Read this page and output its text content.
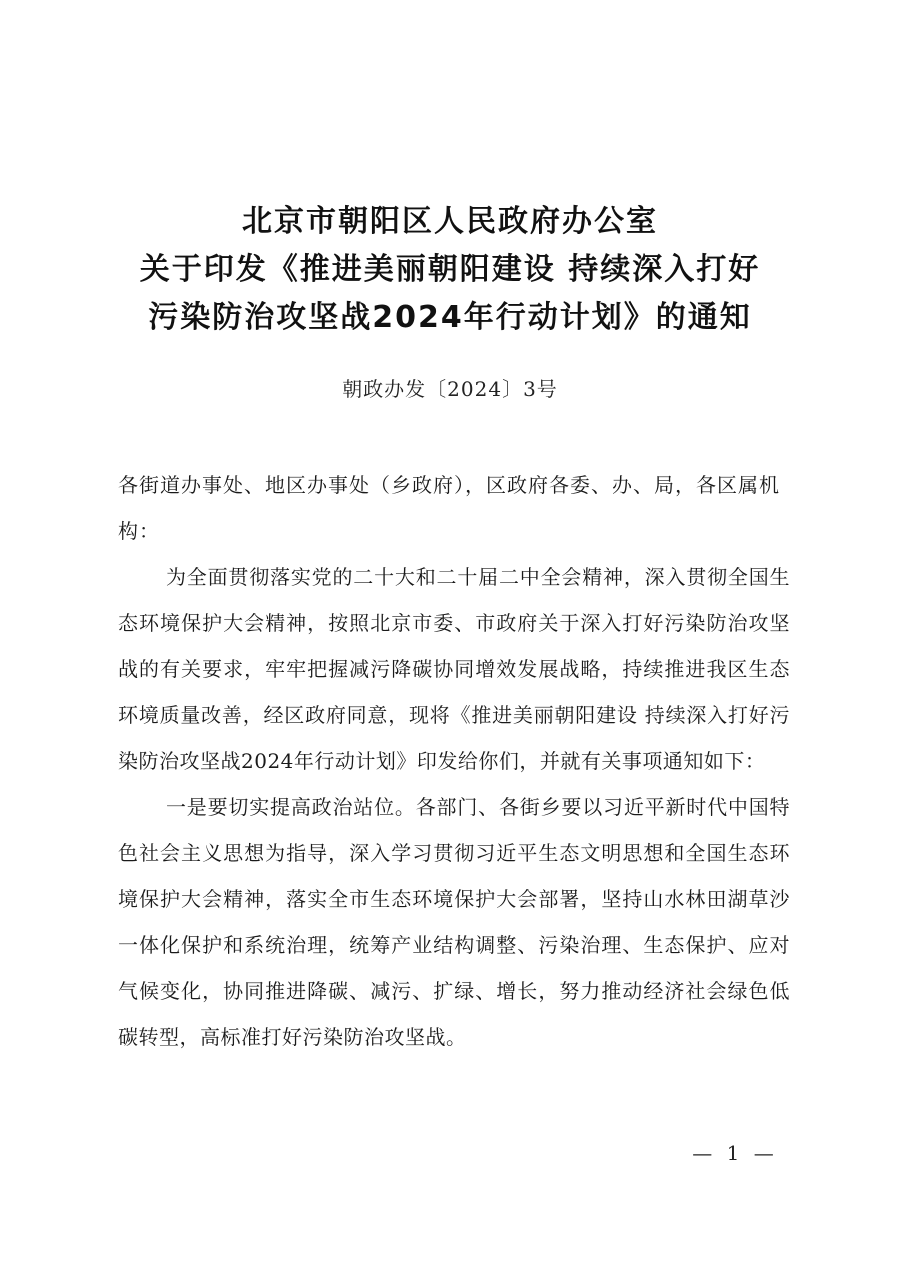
北京市朝阳区人民政府办公室
关于印发《推进美丽朝阳建设 持续深入打好
污染防治攻坚战2024年行动计划》的通知
朝政办发〔2024〕3号

各街道办事处、地区办事处（乡政府），区政府各委、办、局，各区属机构：

为全面贯彻落实党的二十大和二十届二中全会精神，深入贯彻全国生态环境保护大会精神，按照北京市委、市政府关于深入打好污染防治攻坚战的有关要求，牢牢把握减污降碳协同增效发展战略，持续推进我区生态环境质量改善，经区政府同意，现将《推进美丽朝阳建设 持续深入打好污染防治攻坚战2024年行动计划》印发给你们，并就有关事项通知如下：

一是要切实提高政治站位。各部门、各街乡要以习近平新时代中国特色社会主义思想为指导，深入学习贯彻习近平生态文明思想和全国生态环境保护大会精神，落实全市生态环境保护大会部署，坚持山水林田湖草沙一体化保护和系统治理，统筹产业结构调整、污染治理、生态保护、应对气候变化，协同推进降碳、减污、扩绿、增长，努力推动经济社会绿色低碳转型，高标准打好污染防治攻坚战。

— 1 —
